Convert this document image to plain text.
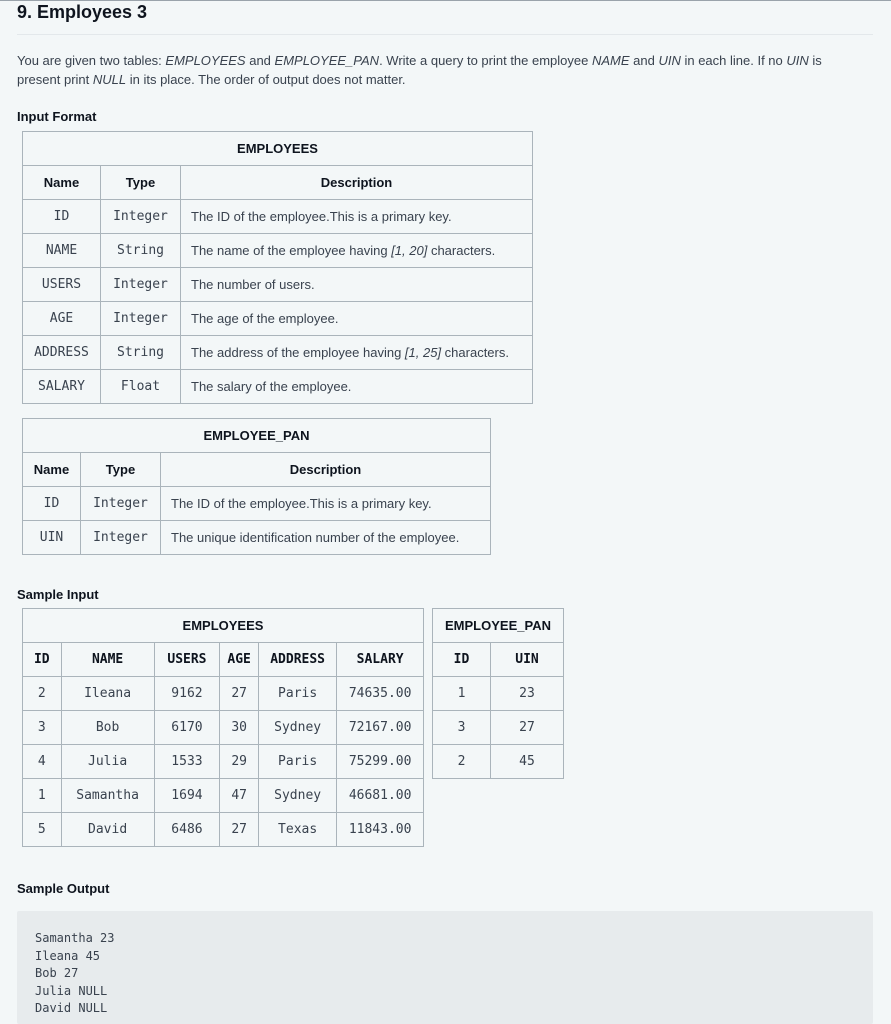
9. Employees 3
You are given two tables: EMPLOYEES and EMPLOYEE_PAN. Write a query to print the employee NAME and UIN in each line. If no UIN is present print NULL in its place. The order of output does not matter.
Input Format
EMPLOYEES		
Name	Type	Description
ID	Integer	The ID of the employee.This is a primary key.
NAME	String	The name of the employee having [1, 20] characters.
USERS	Integer	The number of users.
AGE	Integer	The age of the employee.
ADDRESS	String	The address of the employee having [1, 25] characters.
SALARY	Float	The salary of the employee.
EMPLOYEE_PAN		
Name	Type	Description
ID	Integer	The ID of the employee.This is a primary key.
UIN	Integer	The unique identification number of the employee.
Sample Input
EMPLOYEES					
ID	NAME	USERS	AGE	ADDRESS	SALARY
2	Ileana	9162	27	Paris	74635.00
3	Bob	6170	30	Sydney	72167.00
4	Julia	1533	29	Paris	75299.00
1	Samantha	1694	47	Sydney	46681.00
5	David	6486	27	Texas	11843.00
EMPLOYEE_PAN	
ID	UIN
1	23
3	27
2	45
Sample Output
Samantha 23
Ileana 45
Bob 27
Julia NULL
David NULL
